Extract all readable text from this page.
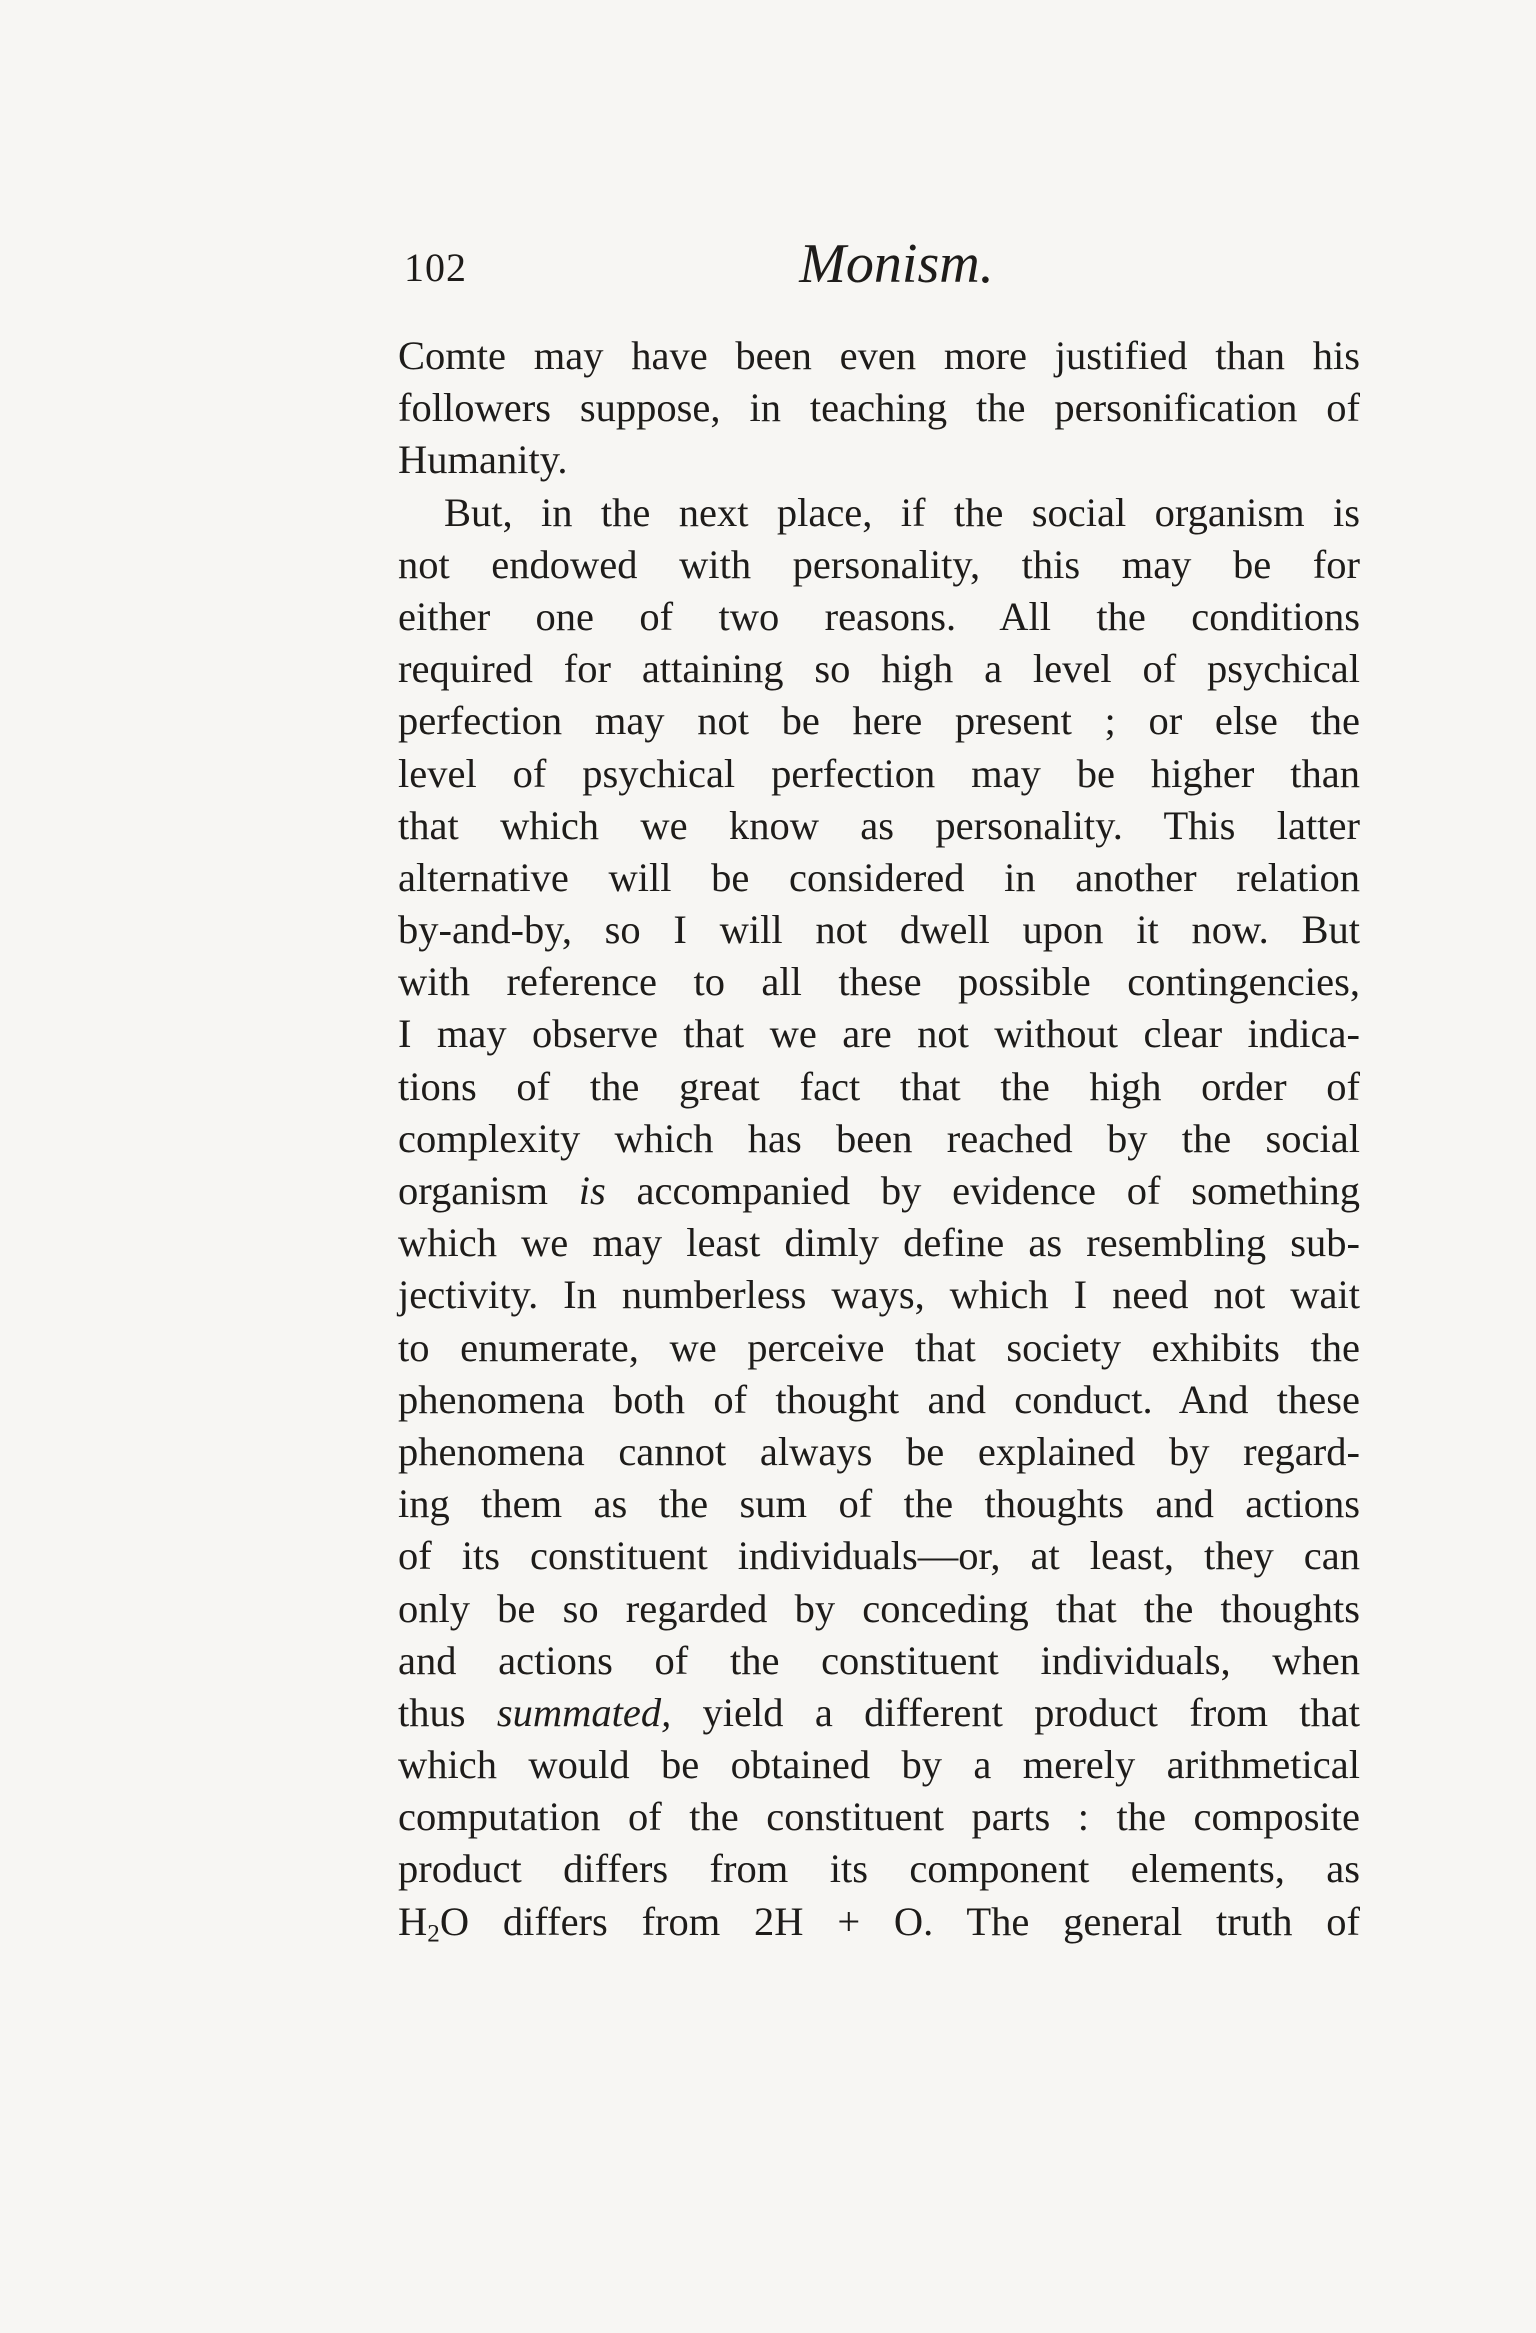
102	Monism.
Comte may have been even more justified than his
followers suppose, in teaching the personification of
Humanity.
But, in the next place, if the social organism is
not endowed with personality, this may be for
either one of two reasons. All the conditions
required for attaining so high a level of psychical
perfection may not be here present ; or else the
level of psychical perfection may be higher than
that which we know as personality. This latter
alternative will be considered in another relation
by-and-by, so I will not dwell upon it now. But
with reference to all these possible contingencies,
I may observe that we are not without clear indica-
tions of the great fact that the high order of
complexity which has been reached by the social
organism is accompanied by evidence of something
which we may least dimly define as resembling sub-
jectivity. In numberless ways, which I need not wait
to enumerate, we perceive that society exhibits the
phenomena both of thought and conduct. And these
phenomena cannot always be explained by regard-
ing them as the sum of the thoughts and actions
of its constituent individuals—or, at least, they can
only be so regarded by conceding that the thoughts
and actions of the constituent individuals, when
thus summated, yield a different product from that
which would be obtained by a merely arithmetical
computation of the constituent parts : the composite
product differs from its component elements, as
$H_2O$ differs from 2H + O. The general truth of
